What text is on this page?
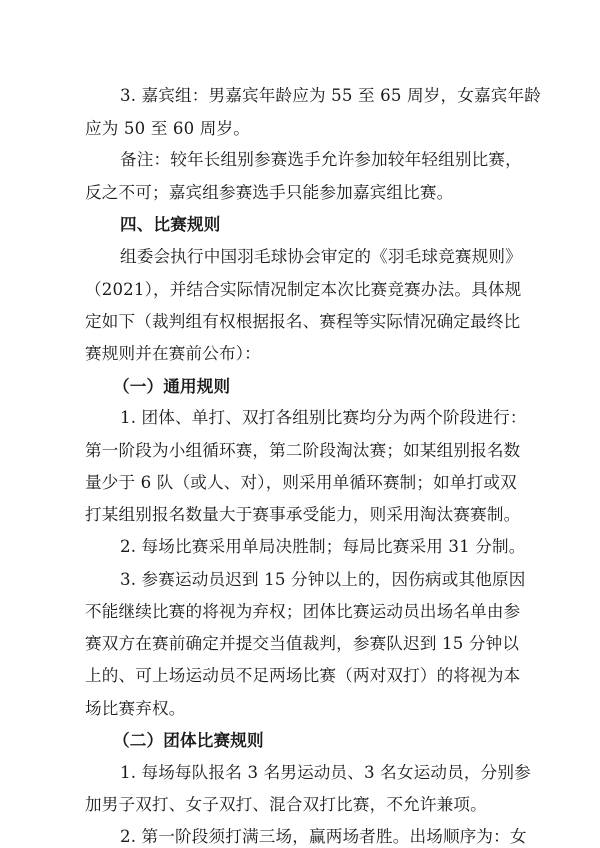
3. 嘉宾组：男嘉宾年龄应为 55 至 65 周岁，女嘉宾年龄
应为 50 至 60 周岁。
备注：较年长组别参赛选手允许参加较年轻组别比赛，
反之不可；嘉宾组参赛选手只能参加嘉宾组比赛。
四、比赛规则
组委会执行中国羽毛球协会审定的《羽毛球竞赛规则》
（2021），并结合实际情况制定本次比赛竞赛办法。具体规
定如下（裁判组有权根据报名、赛程等实际情况确定最终比
赛规则并在赛前公布）：
（一）通用规则
1. 团体、单打、双打各组别比赛均分为两个阶段进行：
第一阶段为小组循环赛，第二阶段淘汰赛；如某组别报名数
量少于 6 队（或人、对），则采用单循环赛制；如单打或双
打某组别报名数量大于赛事承受能力，则采用淘汰赛赛制。
2. 每场比赛采用单局决胜制；每局比赛采用 31 分制。
3. 参赛运动员迟到 15 分钟以上的，因伤病或其他原因
不能继续比赛的将视为弃权；团体比赛运动员出场名单由参
赛双方在赛前确定并提交当值裁判，参赛队迟到 15 分钟以
上的、可上场运动员不足两场比赛（两对双打）的将视为本
场比赛弃权。
（二）团体比赛规则
1. 每场每队报名 3 名男运动员、3 名女运动员，分别参
加男子双打、女子双打、混合双打比赛，不允许兼项。
2. 第一阶段须打满三场，赢两场者胜。出场顺序为：女
